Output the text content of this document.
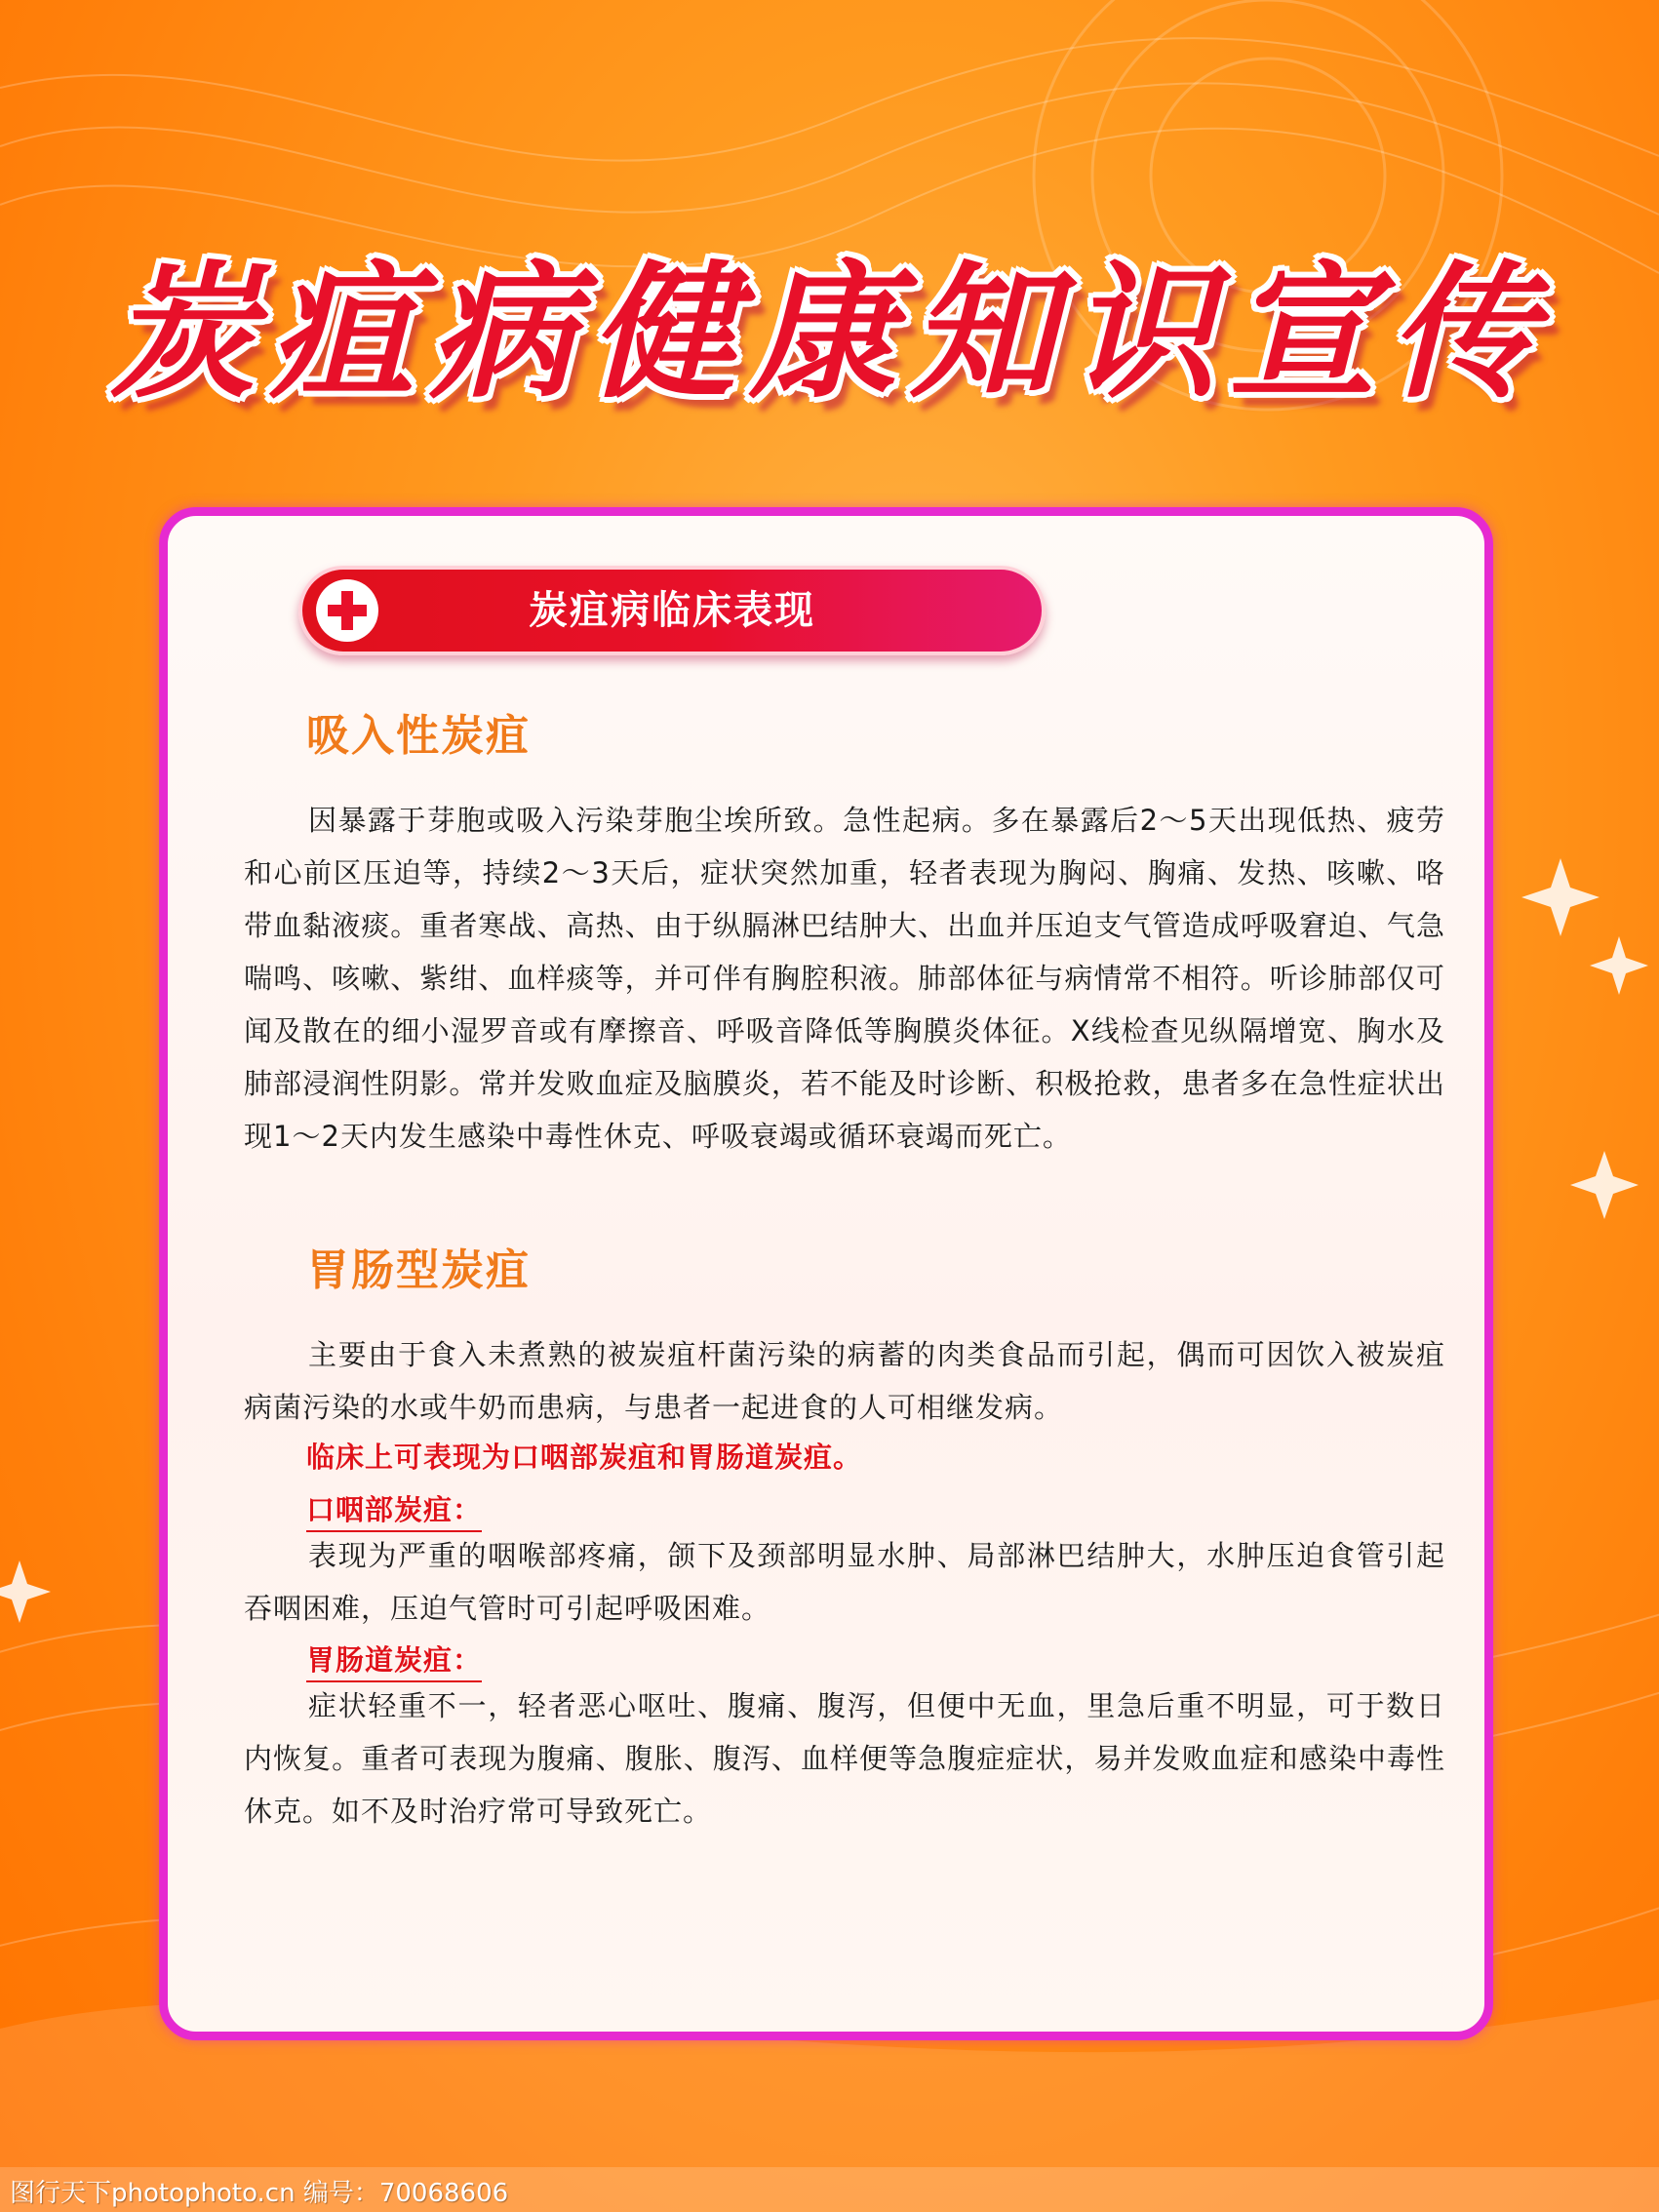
炭疽病健康知识宣传
炭疽病临床表现
吸入性炭疽

因暴露于芽胞或吸入污染芽胞尘埃所致。急性起病。多在暴露后2～5天出现低热、疲劳和心前区压迫等，持续2～3天后，症状突然加重，轻者表现为胸闷、胸痛、发热、咳嗽、咯带血黏液痰。重者寒战、高热、由于纵膈淋巴结肿大、出血并压迫支气管造成呼吸窘迫、气急喘鸣、咳嗽、紫绀、血样痰等，并可伴有胸腔积液。肺部体征与病情常不相符。听诊肺部仅可闻及散在的细小湿罗音或有摩擦音、呼吸音降低等胸膜炎体征。X线检查见纵隔增宽、胸水及肺部浸润性阴影。常并发败血症及脑膜炎，若不能及时诊断、积极抢救，患者多在急性症状出现1～2天内发生感染中毒性休克、呼吸衰竭或循环衰竭而死亡。

胃肠型炭疽

主要由于食入未煮熟的被炭疽杆菌污染的病蓄的肉类食品而引起，偶而可因饮入被炭疽病菌污染的水或牛奶而患病，与患者一起进食的人可相继发病。

临床上可表现为口咽部炭疽和胃肠道炭疽。
口咽部炭疽：

表现为严重的咽喉部疼痛，颌下及颈部明显水肿、局部淋巴结肿大，水肿压迫食管引起吞咽困难，压迫气管时可引起呼吸困难。

胃肠道炭疽：

症状轻重不一，轻者恶心呕吐、腹痛、腹泻，但便中无血，里急后重不明显，可于数日内恢复。重者可表现为腹痛、腹胀、腹泻、血样便等急腹症症状，易并发败血症和感染中毒性休克。如不及时治疗常可导致死亡。

图行天下photophoto.cn 编号：70068606
